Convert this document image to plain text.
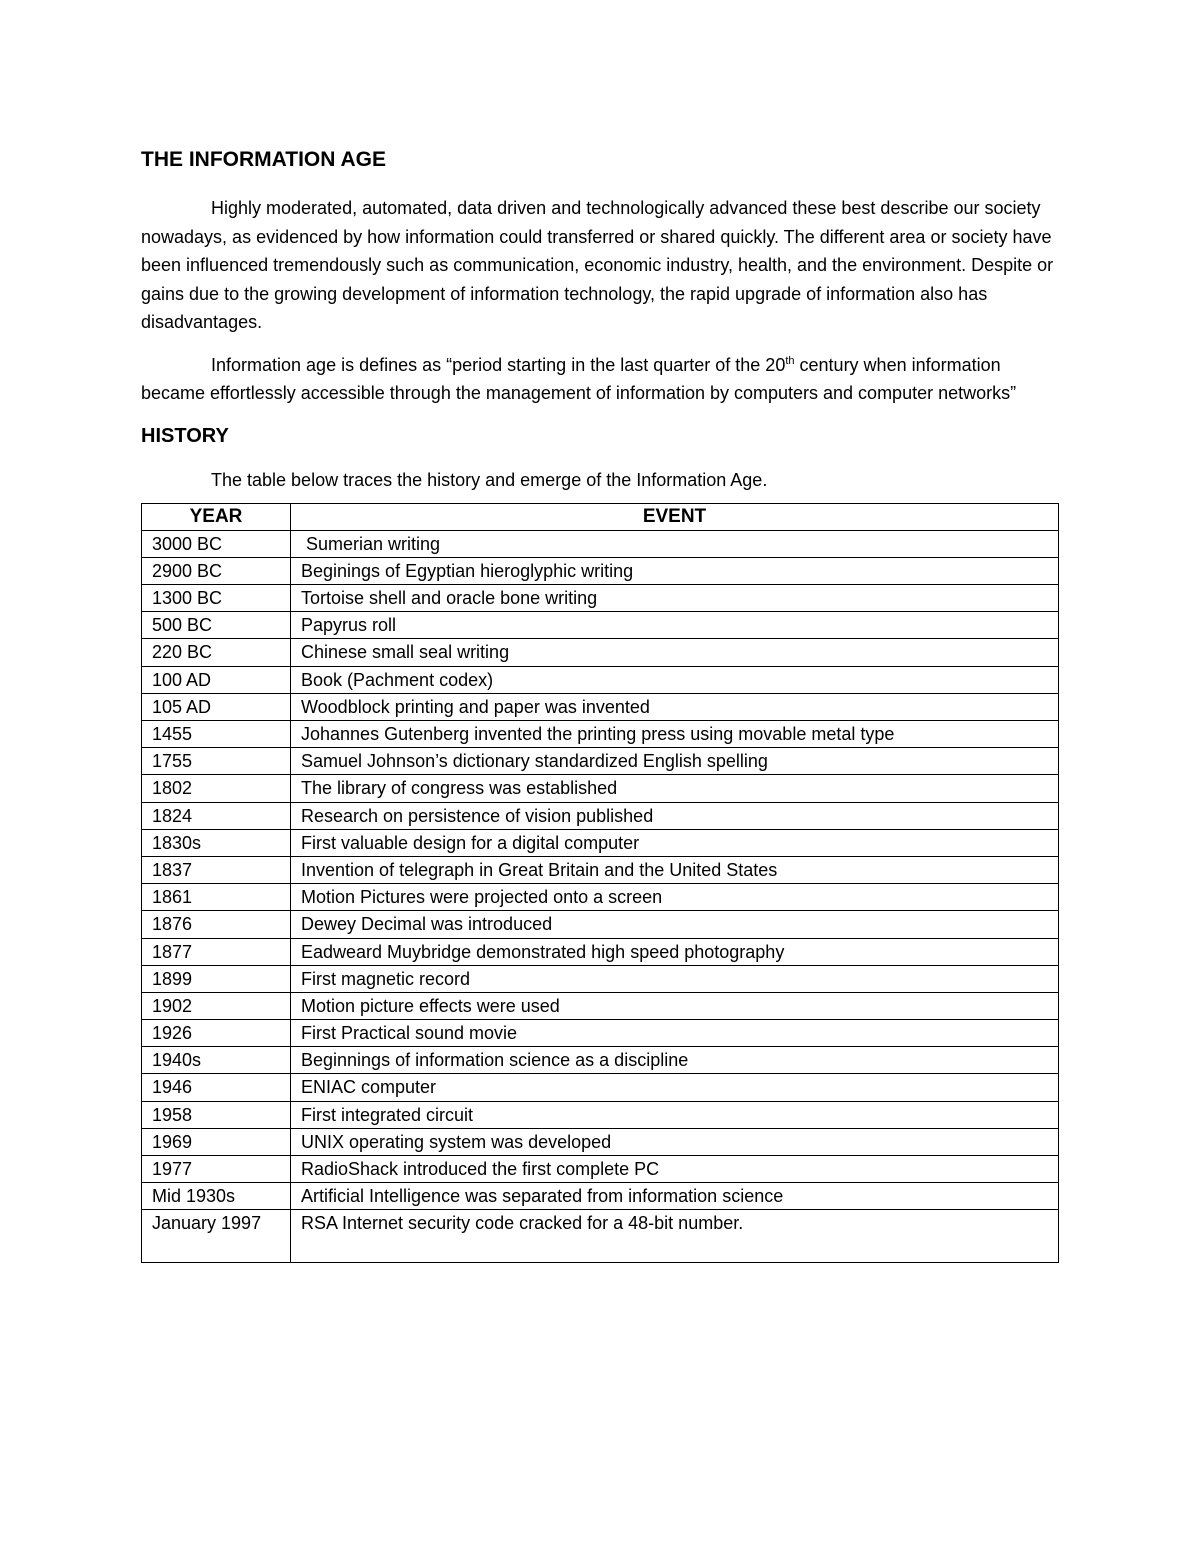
THE INFORMATION AGE

Highly moderated, automated, data driven and technologically advanced these best describe our society nowadays, as evidenced by how information could transferred or shared quickly. The different area or society have been influenced tremendously such as communication, economic industry, health, and the environment. Despite or gains due to the growing development of information technology, the rapid upgrade of information also has disadvantages.

Information age is defines as “period starting in the last quarter of the 20th century when information became effortlessly accessible through the management of information by computers and computer networks”

HISTORY

The table below traces the history and emerge of the Information Age.

YEAR	EVENT
3000 BC	Sumerian writing
2900 BC	Beginings of Egyptian hieroglyphic writing
1300 BC	Tortoise shell and oracle bone writing
500 BC	Papyrus roll
220 BC	Chinese small seal writing
100 AD	Book (Pachment codex)
105 AD	Woodblock printing and paper was invented
1455	Johannes Gutenberg invented the printing press using movable metal type
1755	Samuel Johnson’s dictionary standardized English spelling
1802	The library of congress was established
1824	Research on persistence of vision published
1830s	First valuable design for a digital computer
1837	Invention of telegraph in Great Britain and the United States
1861	Motion Pictures were projected onto a screen
1876	Dewey Decimal was introduced
1877	Eadweard Muybridge demonstrated high speed photography
1899	First magnetic record
1902	Motion picture effects were used
1926	First Practical sound movie
1940s	Beginnings of information science as a discipline
1946	ENIAC computer
1958	First integrated circuit
1969	UNIX operating system was developed
1977	RadioShack introduced the first complete PC
Mid 1930s	Artificial Intelligence was separated from information science
January 1997	RSA Internet security code cracked for a 48-bit number.
